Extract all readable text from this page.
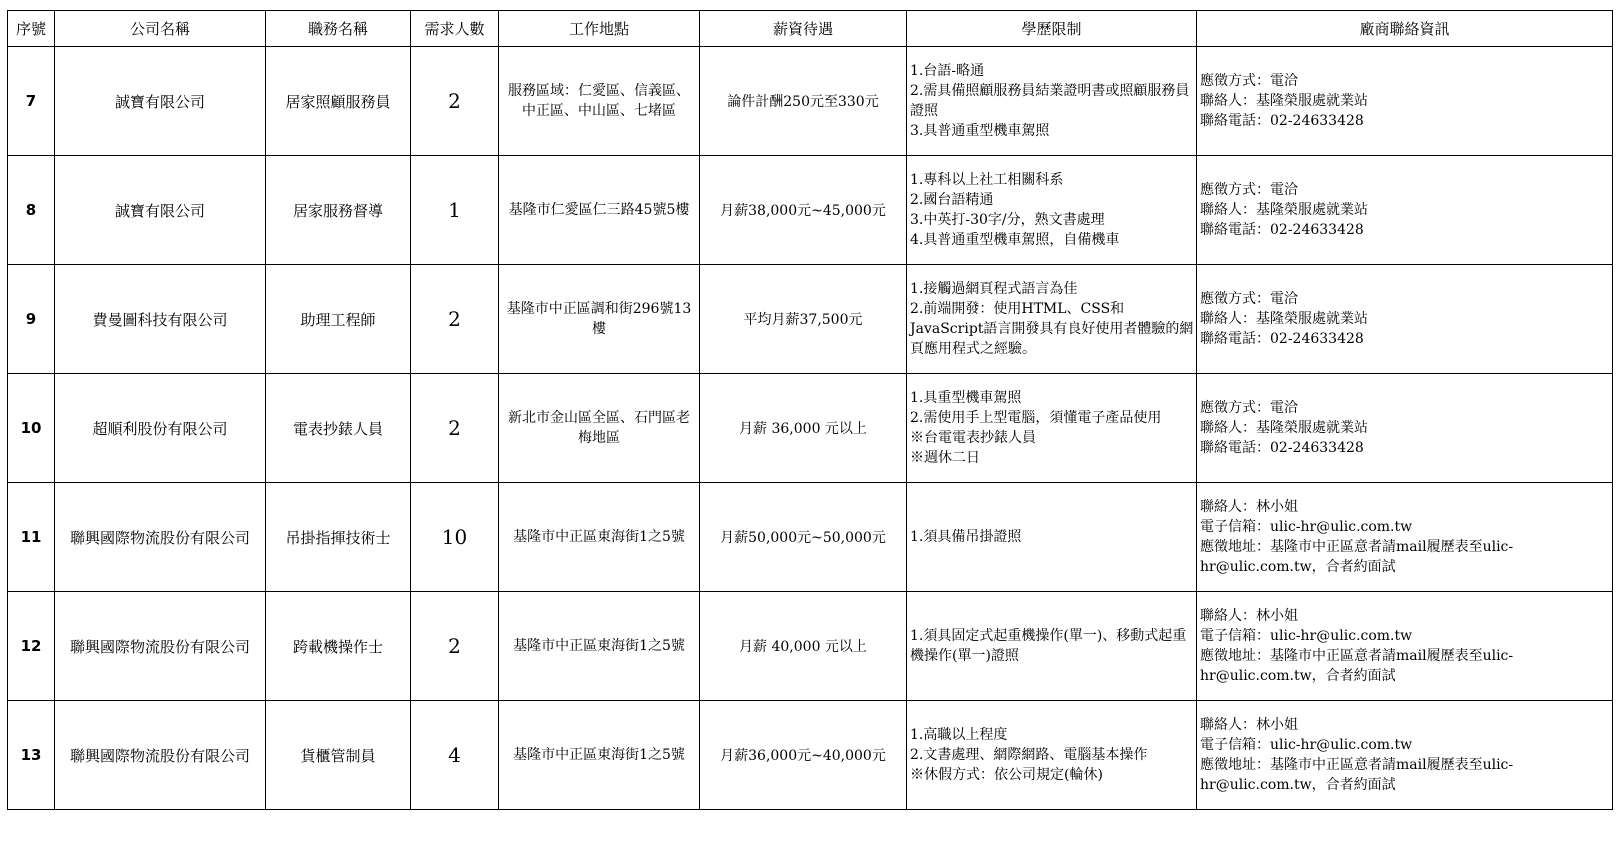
序號	公司名稱	職務名稱	需求人數	工作地點	薪資待遇	學歷限制	廠商聯絡資訊
7	誠寶有限公司	居家照顧服務員	2	服務區域：仁愛區、信義區、中正區、中山區、七堵區	論件計酬250元至330元	1.台語-略通
2.需具備照顧服務員結業證明書或照顧服務員證照
3.具普通重型機車駕照	應徵方式：電洽
聯絡人：基隆榮服處就業站
聯絡電話：02-24633428

8	誠寶有限公司	居家服務督導	1	基隆市仁愛區仁三路45號5樓	月薪38,000元~45,000元	1.專科以上社工相關科系
2.國台語精通
3.中英打-30字/分，熟文書處理
4.具普通重型機車駕照，自備機車	應徵方式：電洽
聯絡人：基隆榮服處就業站
聯絡電話：02-24633428

9	費曼圖科技有限公司	助理工程師	2	基隆市中正區調和街296號13樓	平均月薪37,500元	1.接觸過網頁程式語言為佳
2.前端開發：使用HTML、CSS和JavaScript語言開發具有良好使用者體驗的網頁應用程式之經驗。	應徵方式：電洽
聯絡人：基隆榮服處就業站
聯絡電話：02-24633428

10	超順利股份有限公司	電表抄錶人員	2	新北市金山區全區、石門區老梅地區	月薪 36,000 元以上	1.具重型機車駕照
2.需使用手上型電腦，須懂電子產品使用
※台電電表抄錶人員
※週休二日	應徵方式：電洽
聯絡人：基隆榮服處就業站
聯絡電話：02-24633428

11	聯興國際物流股份有限公司	吊掛指揮技術士	10	基隆市中正區東海街1之5號	月薪50,000元~50,000元	1.須具備吊掛證照	聯絡人：林小姐
電子信箱：ulic-hr@ulic.com.tw
應徵地址：基隆市中正區意者請mail履歷表至ulic-hr@ulic.com.tw，合者約面試

12	聯興國際物流股份有限公司	跨載機操作士	2	基隆市中正區東海街1之5號	月薪 40,000 元以上	1.須具固定式起重機操作(單一)、移動式起重機操作(單一)證照	聯絡人：林小姐
電子信箱：ulic-hr@ulic.com.tw
應徵地址：基隆市中正區意者請mail履歷表至ulic-hr@ulic.com.tw，合者約面試

13	聯興國際物流股份有限公司	貨櫃管制員	4	基隆市中正區東海街1之5號	月薪36,000元~40,000元	1.高職以上程度
2.文書處理、網際網路、電腦基本操作
※休假方式：依公司規定(輪休)	聯絡人：林小姐
電子信箱：ulic-hr@ulic.com.tw
應徵地址：基隆市中正區意者請mail履歷表至ulic-hr@ulic.com.tw，合者約面試
